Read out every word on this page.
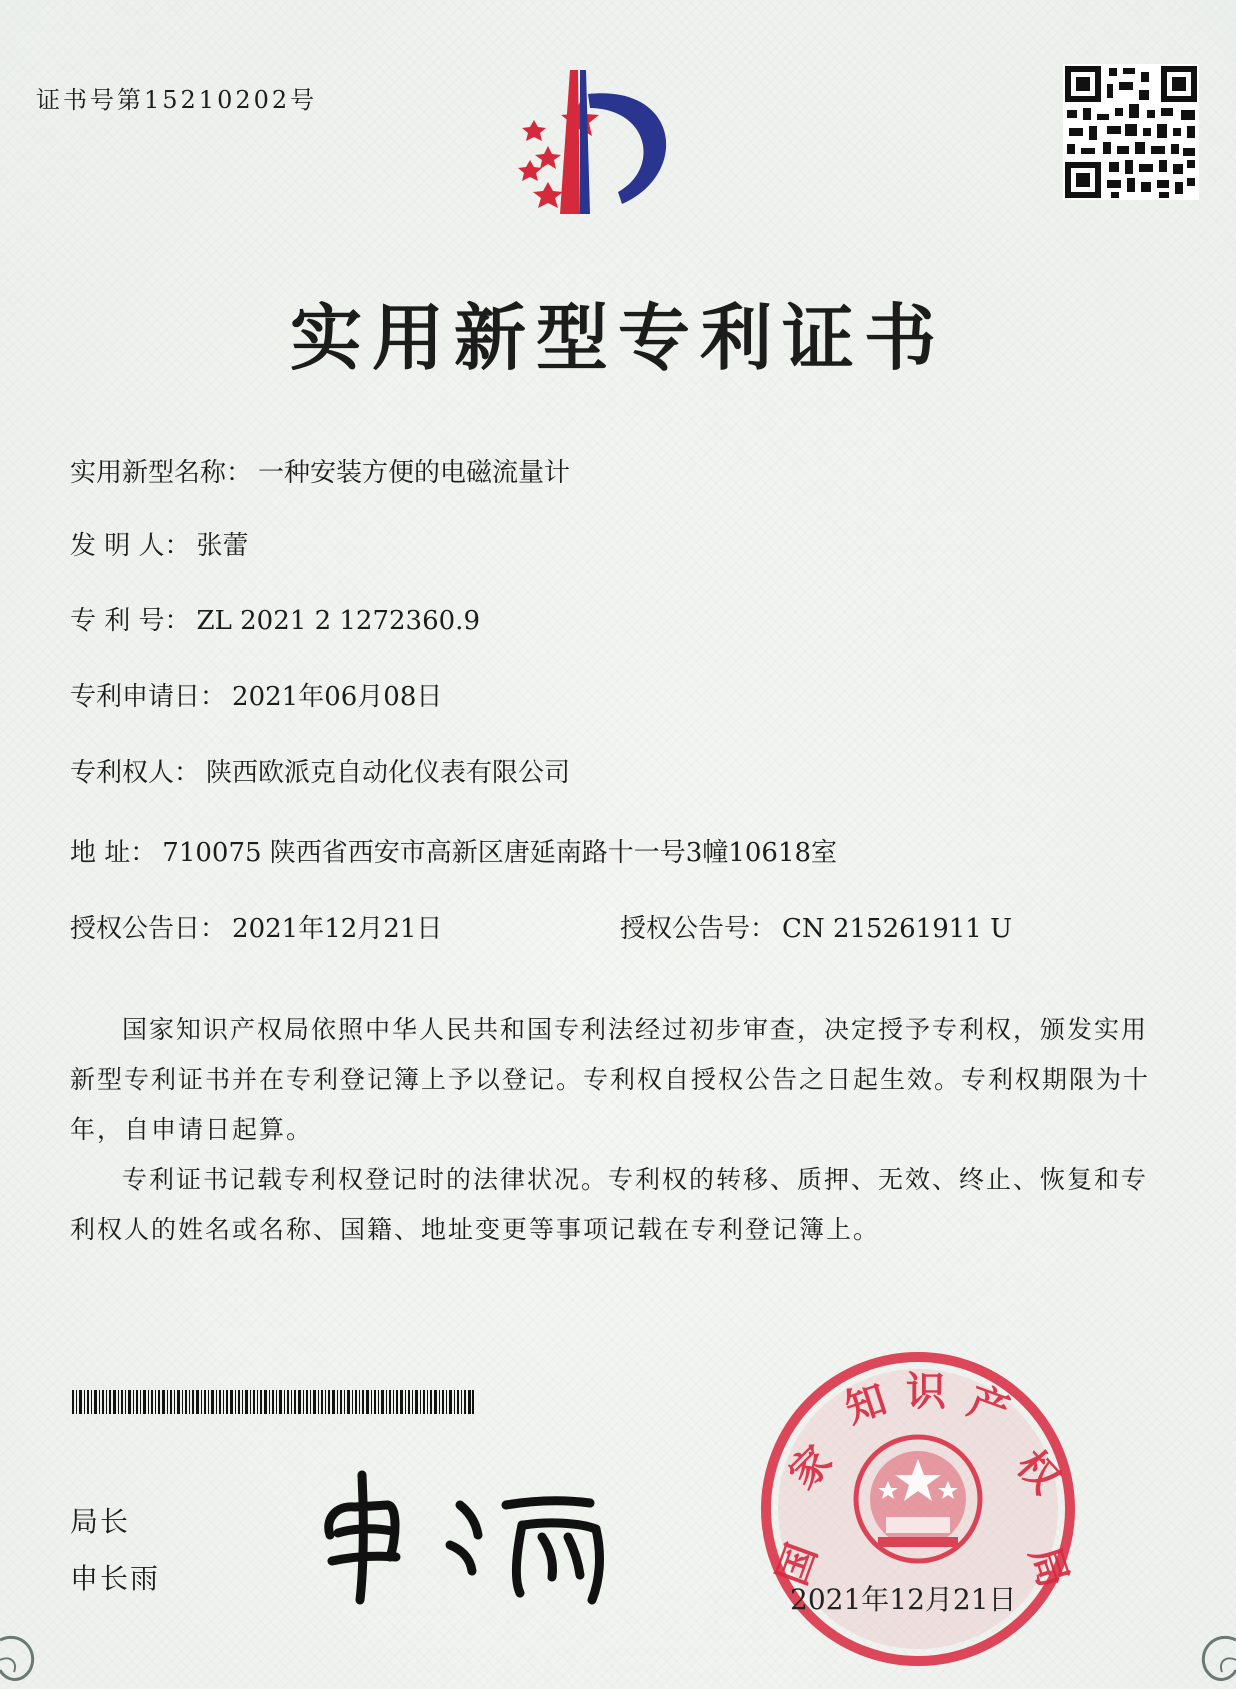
证书号第15210202号
实用新型专利证书
实用新型名称： 一种安装方便的电磁流量计
发 明 人： 张蕾
专 利 号： ZL 2021 2 1272360.9
专利申请日： 2021年06月08日
专利权人： 陕西欧派克自动化仪表有限公司
地 址： 710075 陕西省西安市高新区唐延南路十一号3幢10618室
授权公告日： 2021年12月21日	授权公告号： CN 215261911 U

国家知识产权局依照中华人民共和国专利法经过初步审查，决定授予专利权，颁发实用新型专利证书并在专利登记簿上予以登记。专利权自授权公告之日起生效。专利权期限为十年，自申请日起算。

专利证书记载专利权登记时的法律状况。专利权的转移、质押、无效、终止、恢复和专利权人的姓名或名称、国籍、地址变更等事项记载在专利登记簿上。

局长
申长雨	国
家
知 识 产
权
局
2021年12月21日
